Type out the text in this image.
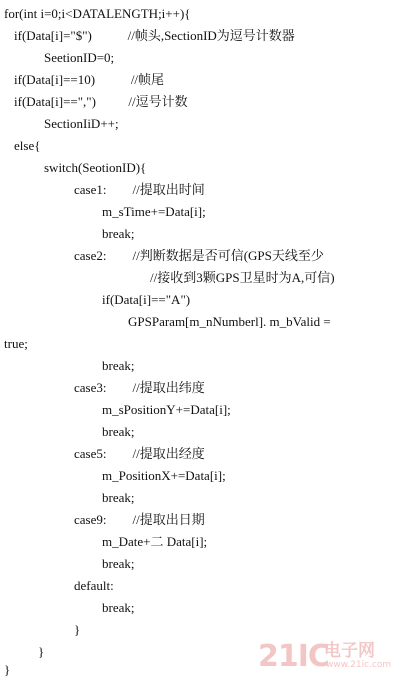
for(int i=0;i<DATALENGTH;i++){
if(Data[i]="$")           //帧头,SectionID为逗号计数器
SeetionID=0;
if(Data[i]==10)           //帧尾
if(Data[i]==",")          //逗号计数
SectionIiD++;
else{
switch(SeotionID){
case1:        //提取出时间
m_sTime+=Data[i];
break;
case2:        //判断数据是否可信(GPS天线至少
//接收到3颗GPS卫星时为A,可信)
if(Data[i]=="A")
GPSParam[m_nNumberl]. m_bValid =
true;
break;
case3:        //提取出纬度
m_sPositionY+=Data[i];
break;
case5:        //提取出经度
m_PositionX+=Data[i];
break;
case9:        //提取出日期
m_Date+二 Data[i];
break;
default:
break;
}
}
}	21IC
电子网
www.21ic.com
